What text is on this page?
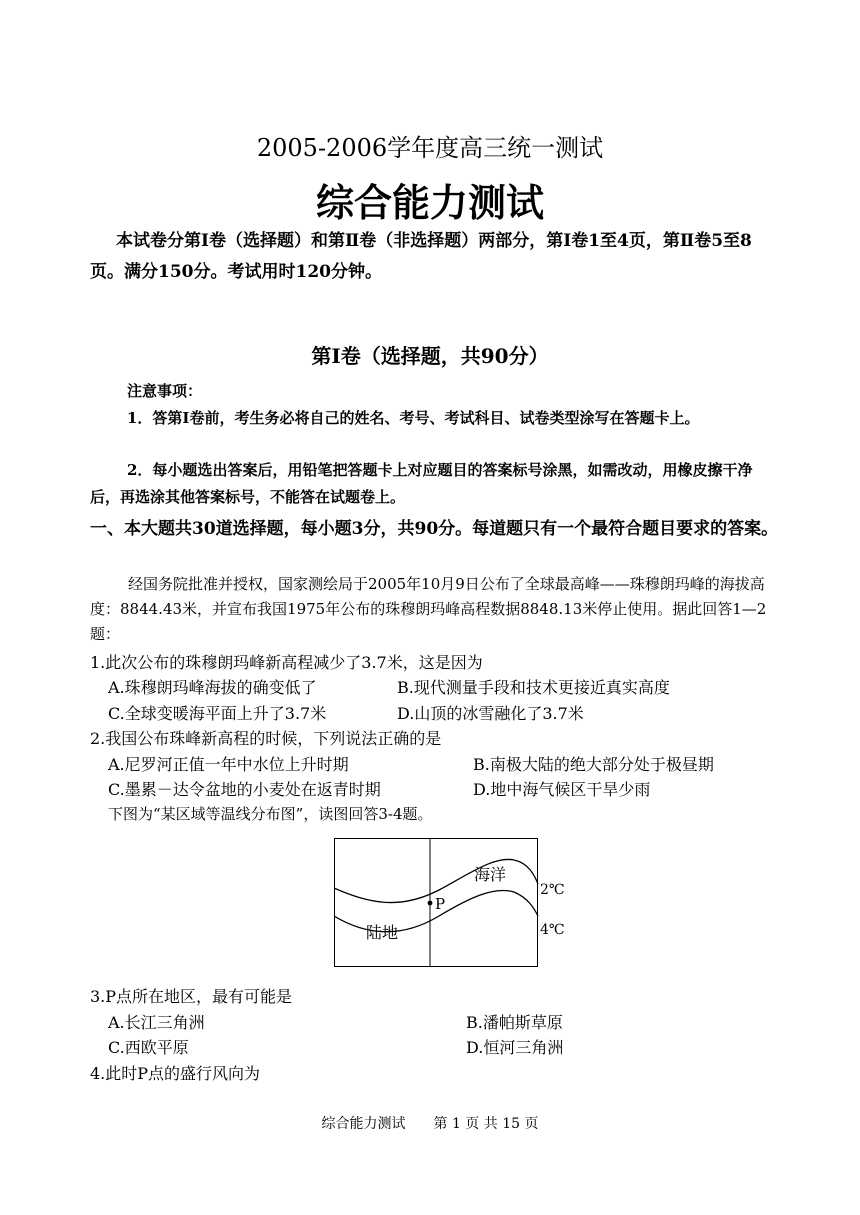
2005-2006学年度高三统一测试
综合能力测试
本试卷分第Ⅰ卷（选择题）和第Ⅱ卷（非选择题）两部分，第Ⅰ卷1至4页，第Ⅱ卷5至8页。满分150分。考试用时120分钟。
第Ⅰ卷（选择题，共90分）
注意事项：
1．答第Ⅰ卷前，考生务必将自己的姓名、考号、考试科目、试卷类型涂写在答题卡上。
2．每小题选出答案后，用铅笔把答题卡上对应题目的答案标号涂黑，如需改动，用橡皮擦干净后，再选涂其他答案标号，不能答在试题卷上。
一、本大题共30道选择题，每小题3分，共90分。每道题只有一个最符合题目要求的答案。
经国务院批准并授权，国家测绘局于2005年10月9日公布了全球最高峰——珠穆朗玛峰的海拔高度：8844.43米，并宣布我国1975年公布的珠穆朗玛峰高程数据8848.13米停止使用。据此回答1—2题：
1.此次公布的珠穆朗玛峰新高程减少了3.7米，这是因为
A.珠穆朗玛峰海拔的确变低了	B.现代测量手段和技术更接近真实高度
C.全球变暖海平面上升了3.7米	D.山顶的冰雪融化了3.7米
2.我国公布珠峰新高程的时候，下列说法正确的是
A.尼罗河正值一年中水位上升时期	B.南极大陆的绝大部分处于极昼期
C.墨累－达令盆地的小麦处在返青时期	D.地中海气候区干旱少雨
下图为“某区域等温线分布图”，读图回答3-4题。
P
海洋
陆地
2℃
4℃
3.P点所在地区，最有可能是
A.长江三角洲	B.潘帕斯草原
C.西欧平原	D.恒河三角洲
4.此时P点的盛行风向为
综合能力测试　　第 1 页 共 15 页
